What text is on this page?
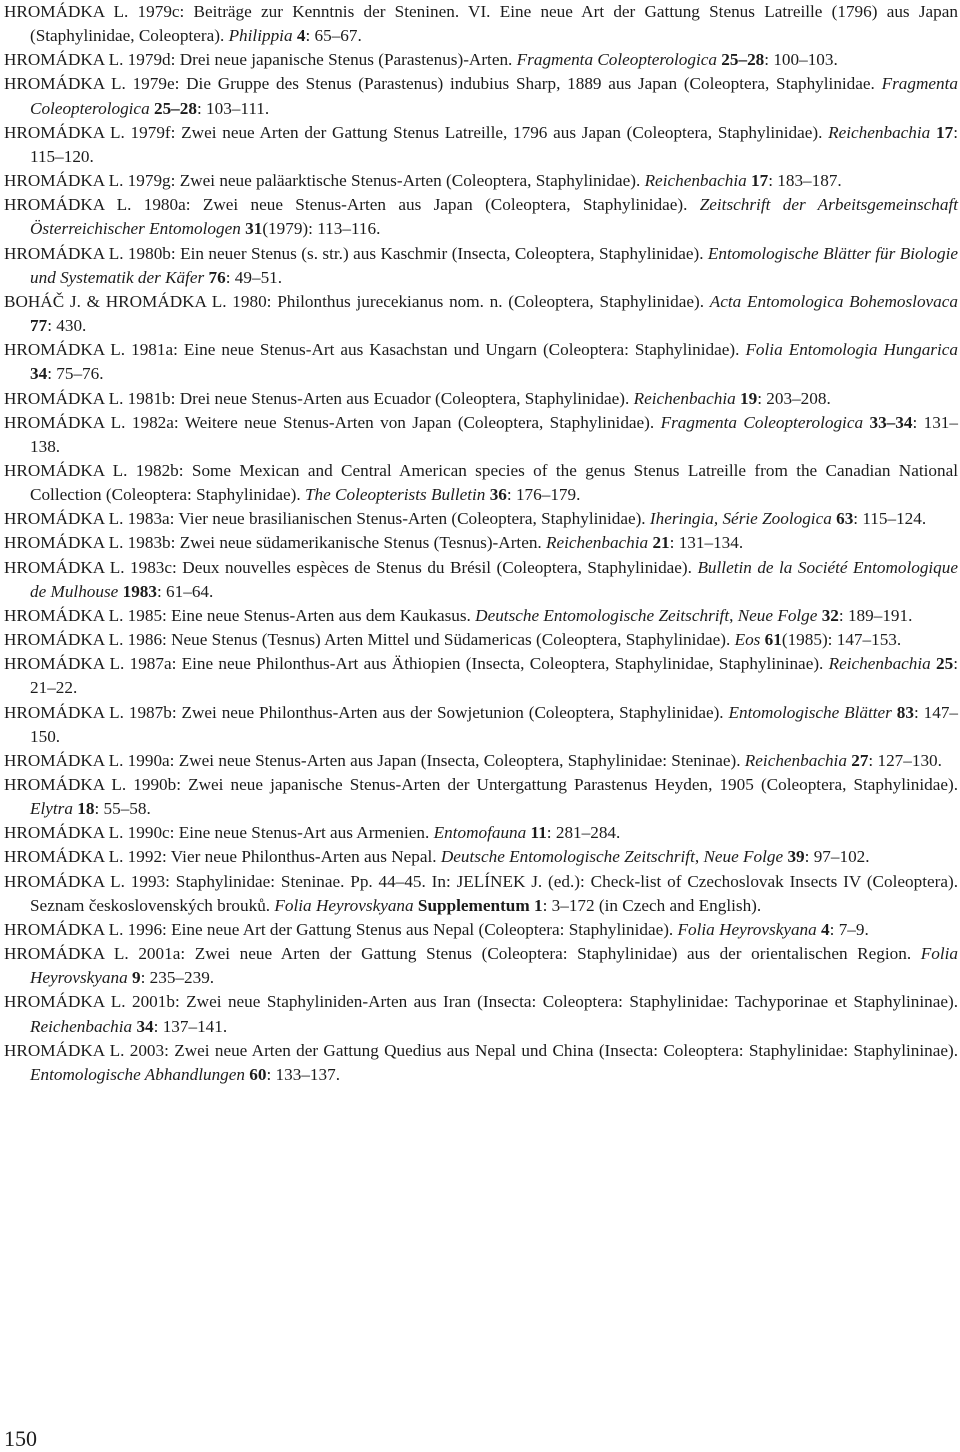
HROMÁDKA L. 1979c: Beiträge zur Kenntnis der Steninen. VI. Eine neue Art der Gattung Stenus Latreille (1796) aus Japan (Staphylinidae, Coleoptera). Philippia 4: 65–67.

HROMÁDKA L. 1979d: Drei neue japanische Stenus (Parastenus)-Arten. Fragmenta Coleopterologica 25–28: 100–103.

HROMÁDKA L. 1979e: Die Gruppe des Stenus (Parastenus) indubius Sharp, 1889 aus Japan (Coleoptera, Staphylinidae. Fragmenta Coleopterologica 25–28: 103–111.

HROMÁDKA L. 1979f: Zwei neue Arten der Gattung Stenus Latreille, 1796 aus Japan (Coleoptera, Staphylinidae). Reichenbachia 17: 115–120.

HROMÁDKA L. 1979g: Zwei neue paläarktische Stenus-Arten (Coleoptera, Staphylinidae). Reichenbachia 17: 183–187.

HROMÁDKA L. 1980a: Zwei neue Stenus-Arten aus Japan (Coleoptera, Staphylinidae). Zeitschrift der Arbeitsgemeinschaft Österreichischer Entomologen 31(1979): 113–116.

HROMÁDKA L. 1980b: Ein neuer Stenus (s. str.) aus Kaschmir (Insecta, Coleoptera, Staphylinidae). Entomologische Blätter für Biologie und Systematik der Käfer 76: 49–51.

BOHÁČ J. & HROMÁDKA L. 1980: Philonthus jurecekianus nom. n. (Coleoptera, Staphylinidae). Acta Entomologica Bohemoslovaca 77: 430.

HROMÁDKA L. 1981a: Eine neue Stenus-Art aus Kasachstan und Ungarn (Coleoptera: Staphylinidae). Folia Entomologia Hungarica 34: 75–76.

HROMÁDKA L. 1981b: Drei neue Stenus-Arten aus Ecuador (Coleoptera, Staphylinidae). Reichenbachia 19: 203–208.

HROMÁDKA L. 1982a: Weitere neue Stenus-Arten von Japan (Coleoptera, Staphylinidae). Fragmenta Coleopterologica 33–34: 131–138.

HROMÁDKA L. 1982b: Some Mexican and Central American species of the genus Stenus Latreille from the Canadian National Collection (Coleoptera: Staphylinidae). The Coleopterists Bulletin 36: 176–179.

HROMÁDKA L. 1983a: Vier neue brasilianischen Stenus-Arten (Coleoptera, Staphylinidae). Iheringia, Série Zoologica 63: 115–124.

HROMÁDKA L. 1983b: Zwei neue südamerikanische Stenus (Tesnus)-Arten. Reichenbachia 21: 131–134.

HROMÁDKA L. 1983c: Deux nouvelles espèces de Stenus du Brésil (Coleoptera, Staphylinidae). Bulletin de la Société Entomologique de Mulhouse 1983: 61–64.

HROMÁDKA L. 1985: Eine neue Stenus-Arten aus dem Kaukasus. Deutsche Entomologische Zeitschrift, Neue Folge 32: 189–191.

HROMÁDKA L. 1986: Neue Stenus (Tesnus) Arten Mittel und Südamericas (Coleoptera, Staphylinidae). Eos 61(1985): 147–153.

HROMÁDKA L. 1987a: Eine neue Philonthus-Art aus Äthiopien (Insecta, Coleoptera, Staphylinidae, Staphylininae). Reichenbachia 25: 21–22.

HROMÁDKA L. 1987b: Zwei neue Philonthus-Arten aus der Sowjetunion (Coleoptera, Staphylinidae). Entomologische Blätter 83: 147–150.

HROMÁDKA L. 1990a: Zwei neue Stenus-Arten aus Japan (Insecta, Coleoptera, Staphylinidae: Steninae). Reichenbachia 27: 127–130.

HROMÁDKA L. 1990b: Zwei neue japanische Stenus-Arten der Untergattung Parastenus Heyden, 1905 (Coleoptera, Staphylinidae). Elytra 18: 55–58.

HROMÁDKA L. 1990c: Eine neue Stenus-Art aus Armenien. Entomofauna 11: 281–284.

HROMÁDKA L. 1992: Vier neue Philonthus-Arten aus Nepal. Deutsche Entomologische Zeitschrift, Neue Folge 39: 97–102.

HROMÁDKA L. 1993: Staphylinidae: Steninae. Pp. 44–45. In: JELÍNEK J. (ed.): Check-list of Czechoslovak Insects IV (Coleoptera). Seznam československých brouků. Folia Heyrovskyana Supplementum 1: 3–172 (in Czech and English).

HROMÁDKA L. 1996: Eine neue Art der Gattung Stenus aus Nepal (Coleoptera: Staphylinidae). Folia Heyrovskyana 4: 7–9.

HROMÁDKA L. 2001a: Zwei neue Arten der Gattung Stenus (Coleoptera: Staphylinidae) aus der orientalischen Region. Folia Heyrovskyana 9: 235–239.

HROMÁDKA L. 2001b: Zwei neue Staphyliniden-Arten aus Iran (Insecta: Coleoptera: Staphylinidae: Tachyporinae et Staphylininae). Reichenbachia 34: 137–141.

HROMÁDKA L. 2003: Zwei neue Arten der Gattung Quedius aus Nepal und China (Insecta: Coleoptera: Staphylinidae: Staphylininae). Entomologische Abhandlungen 60: 133–137.

150
